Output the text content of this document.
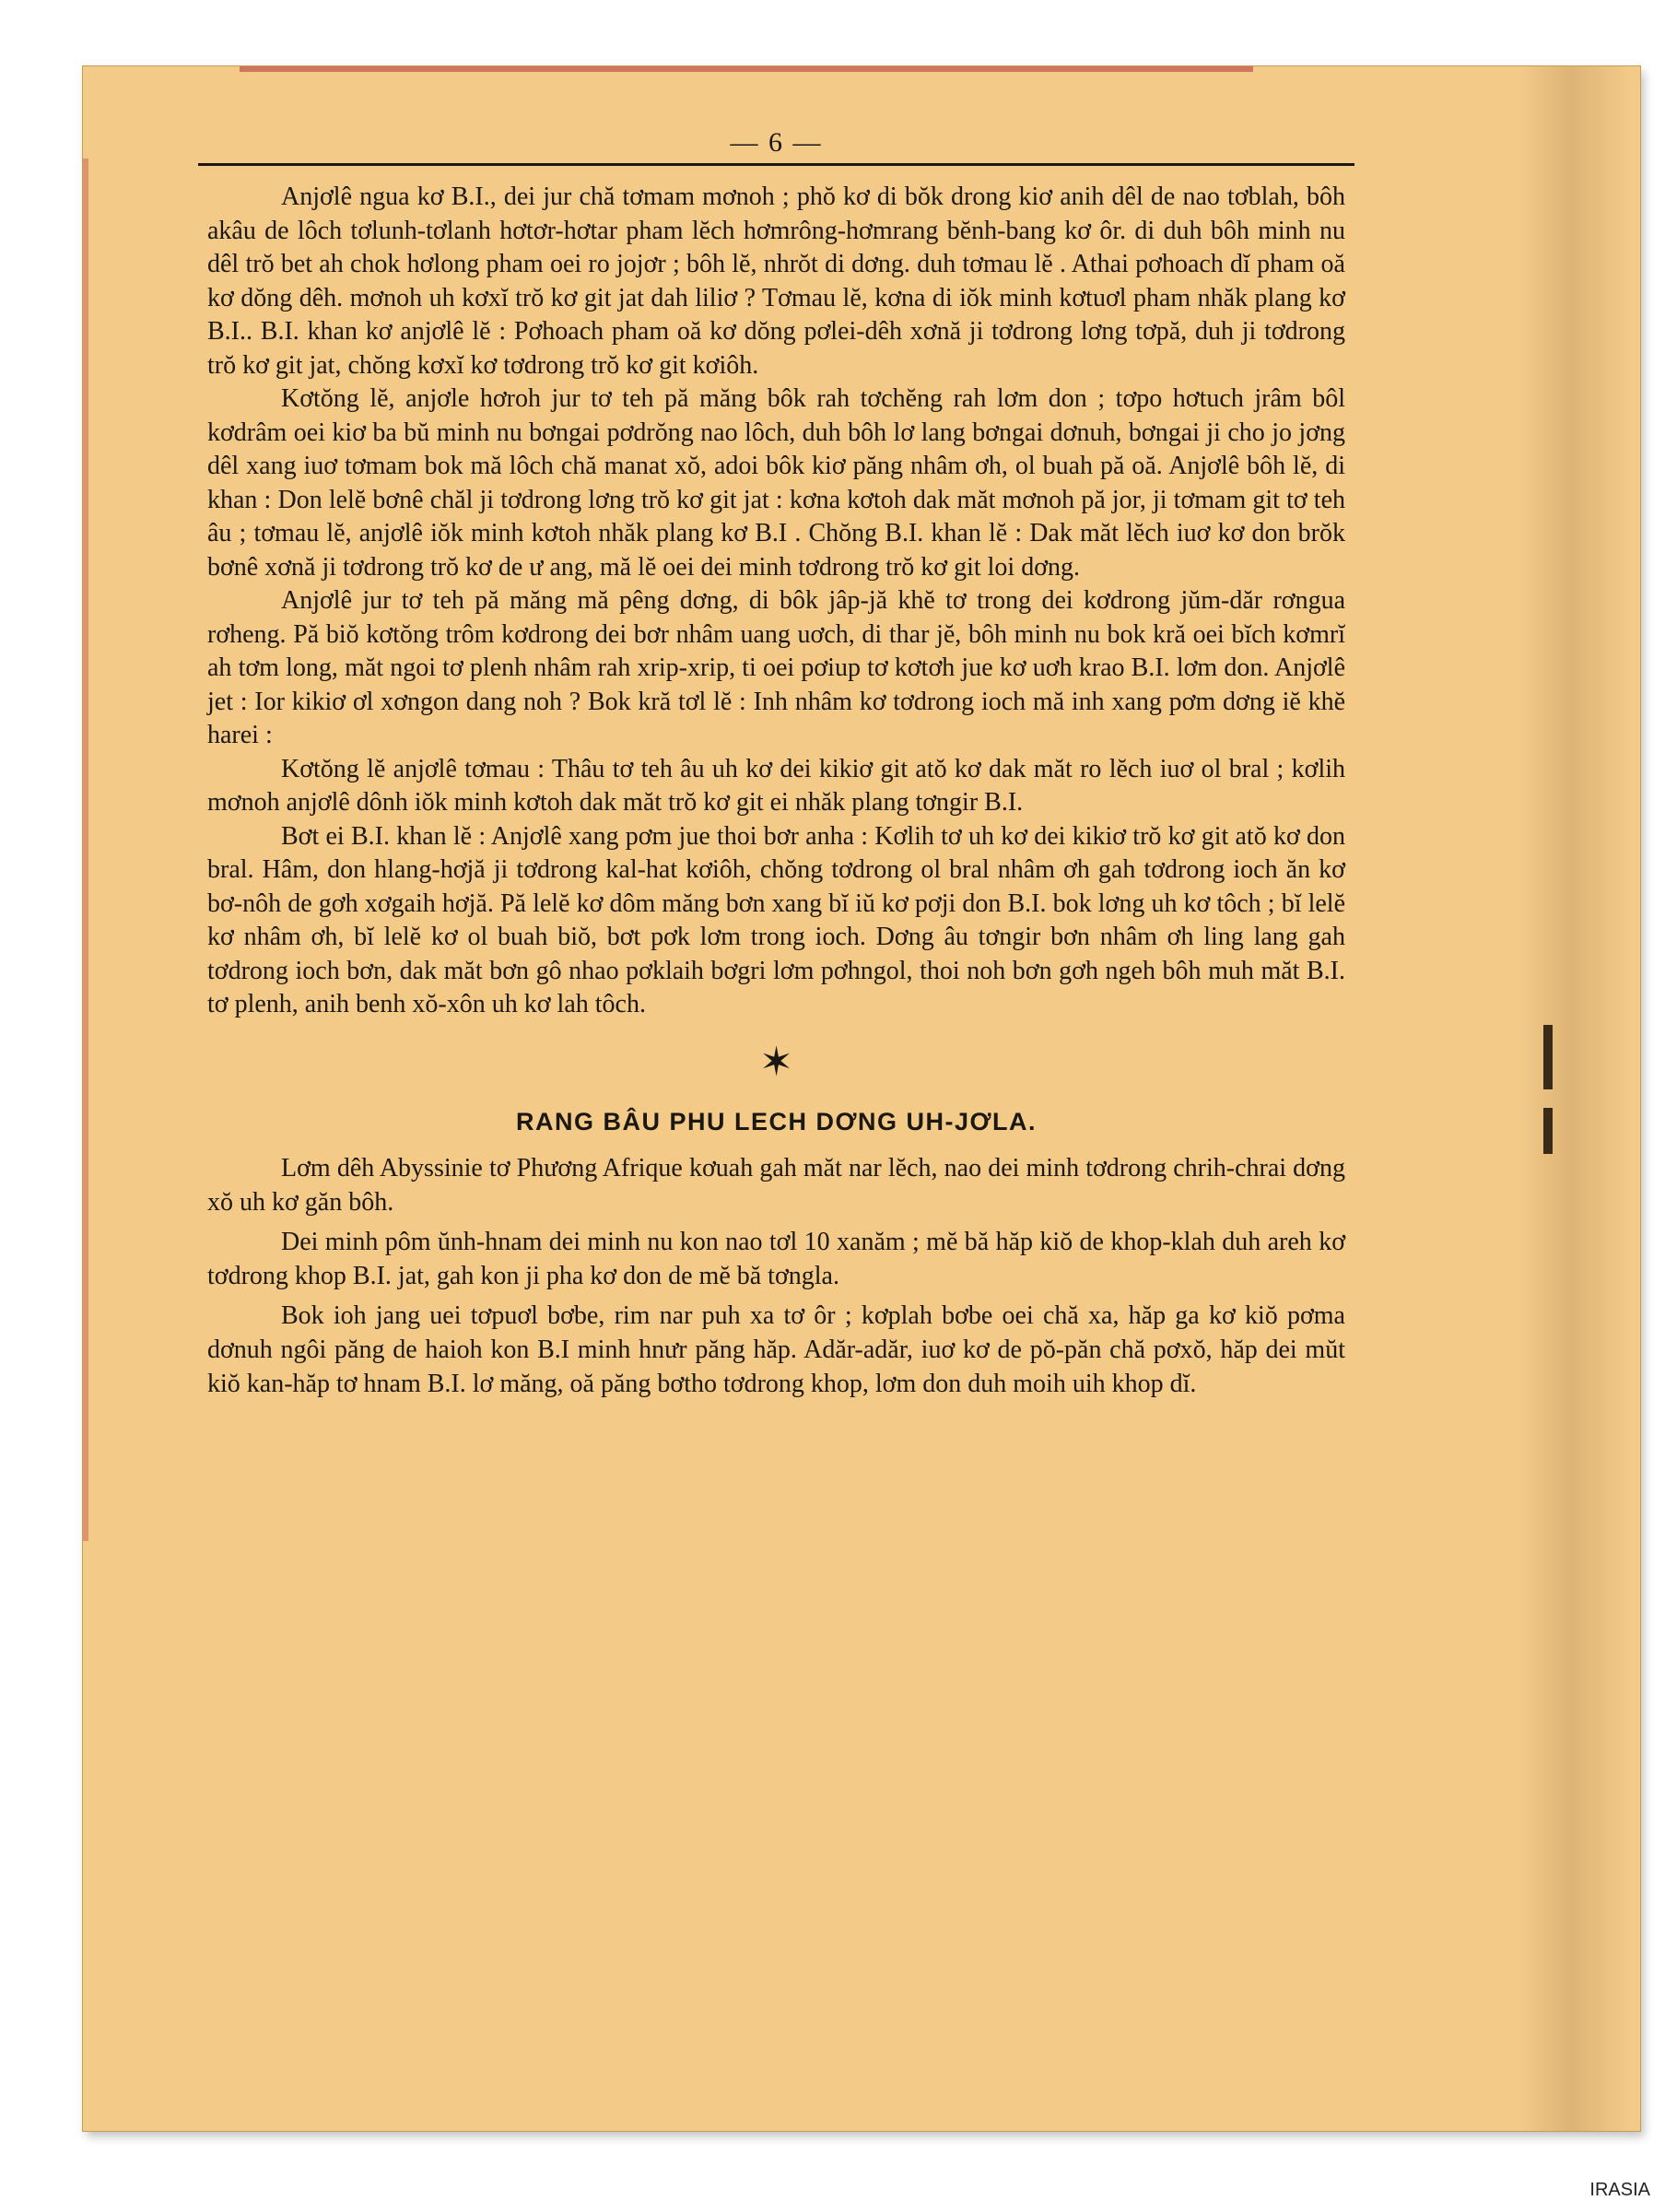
— 6 —

Anjơlê ngua kơ B.I., dei jur chă tơmam mơnoh ; phŏ kơ di bŏk drong kiơ anih dêl de nao tơblah, bôh akâu de lôch tơlunh-tơlanh hơtơr-hơtar pham lĕch hơmrông-hơmrang bĕnh-bang kơ ôr. di duh bôh minh nu dêl trŏ bet ah chok hơlong pham oei ro jojơr ; bôh lĕ, nhrŏt di dơng. duh tơmau lĕ . Athai pơhoach dĭ pham oă kơ dŏng dêh. mơnoh uh kơxĭ trŏ kơ git jat dah liliơ ? Tơmau lĕ, kơna di iŏk minh kơtuơl pham nhăk plang kơ B.I.. B.I. khan kơ anjơlê lĕ : Pơhoach pham oă kơ dŏng pơlei-dêh xơnă ji tơdrong lơng tơpă, duh ji tơdrong trŏ kơ git jat, chŏng kơxĭ kơ tơdrong trŏ kơ git kơiôh.

Kơtŏng lĕ, anjơle hơroh jur tơ teh pă măng bôk rah tơchĕng rah lơm don ; tơpo hơtuch jrâm bôl kơdrâm oei kiơ ba bŭ minh nu bơngai pơdrŏng nao lôch, duh bôh lơ lang bơngai dơnuh, bơngai ji cho jo jơng dêl xang iuơ tơmam bok mă lôch chă manat xŏ, adoi bôk kiơ păng nhâm ơh, ol buah pă oă. Anjơlê bôh lĕ, di khan : Don lelĕ bơnê chăl ji tơdrong lơng trŏ kơ git jat : kơna kơtoh dak măt mơnoh pă jor, ji tơmam git tơ teh âu ; tơmau lĕ, anjơlê iŏk minh kơtoh nhăk plang kơ B.I . Chŏng B.I. khan lĕ : Dak măt lĕch iuơ kơ don brŏk bơnê xơnă ji tơdrong trŏ kơ de ư ang, mă lĕ oei dei minh tơdrong trŏ kơ git loi dơng.

Anjơlê jur tơ teh pă măng mă pêng dơng, di bôk jâp-jă khĕ tơ trong dei kơdrong jŭm-dăr rơngua rơheng. Pă biŏ kơtŏng trôm kơdrong dei bơr nhâm uang uơch, di thar jĕ, bôh minh nu bok kră oei bĭch kơmrĭ ah tơm long, măt ngoi tơ plenh nhâm rah xrip-xrip, ti oei pơiup tơ kơtơh jue kơ uơh krao B.I. lơm don. Anjơlê jet : Ior kikiơ ơl xơngon dang noh ? Bok kră tơl lĕ : Inh nhâm kơ tơdrong ioch mă inh xang pơm dơng iĕ khĕ harei :

Kơtŏng lĕ anjơlê tơmau : Thâu tơ teh âu uh kơ dei kikiơ git atŏ kơ dak măt ro lĕch iuơ ol bral ; kơlih mơnoh anjơlê dônh iŏk minh kơtoh dak măt trŏ kơ git ei nhăk plang tơngir B.I.

Bơt ei B.I. khan lĕ : Anjơlê xang pơm jue thoi bơr anha : Kơlih tơ uh kơ dei kikiơ trŏ kơ git atŏ kơ don bral. Hâm, don hlang-hơjă ji tơdrong kal-hat kơiôh, chŏng tơdrong ol bral nhâm ơh gah tơdrong ioch ăn kơ bơ-nôh de gơh xơgaih hơjă. Pă lelĕ kơ dôm măng bơn xang bĭ iŭ kơ pơji don B.I. bok lơng uh kơ tôch ; bĭ lelĕ kơ nhâm ơh, bĭ lelĕ kơ ol buah biŏ, bơt pơk lơm trong ioch. Dơng âu tơngir bơn nhâm ơh ling lang gah tơdrong ioch bơn, dak măt bơn gô nhao pơklaih bơgri lơm pơhngol, thoi noh bơn gơh ngeh bôh muh măt B.I. tơ plenh, anih benh xŏ-xôn uh kơ lah tôch.

✶
RANG BÂU PHU LECH DƠNG UH-JƠLA.

Lơm dêh Abyssinie tơ Phương Afrique kơuah gah măt nar lĕch, nao dei minh tơdrong chrih-chrai dơng xŏ uh kơ găn bôh.

Dei minh pôm ŭnh-hnam dei minh nu kon nao tơl 10 xanăm ; mĕ bă hăp kiŏ de khop-klah duh areh kơ tơdrong khop B.I. jat, gah kon ji pha kơ don de mĕ bă tơngla.

Bok ioh jang uei tơpuơl bơbe, rim nar puh xa tơ ôr ; kơplah bơbe oei chă xa, hăp ga kơ kiŏ pơma dơnuh ngôi păng de haioh kon B.I minh hnưr păng hăp. Adăr-adăr, iuơ kơ de pŏ-păn chă pơxŏ, hăp dei mŭt kiŏ kan-hăp tơ hnam B.I. lơ măng, oă păng bơtho tơdrong khop, lơm don duh moih uih khop dĭ.

IRASIA
